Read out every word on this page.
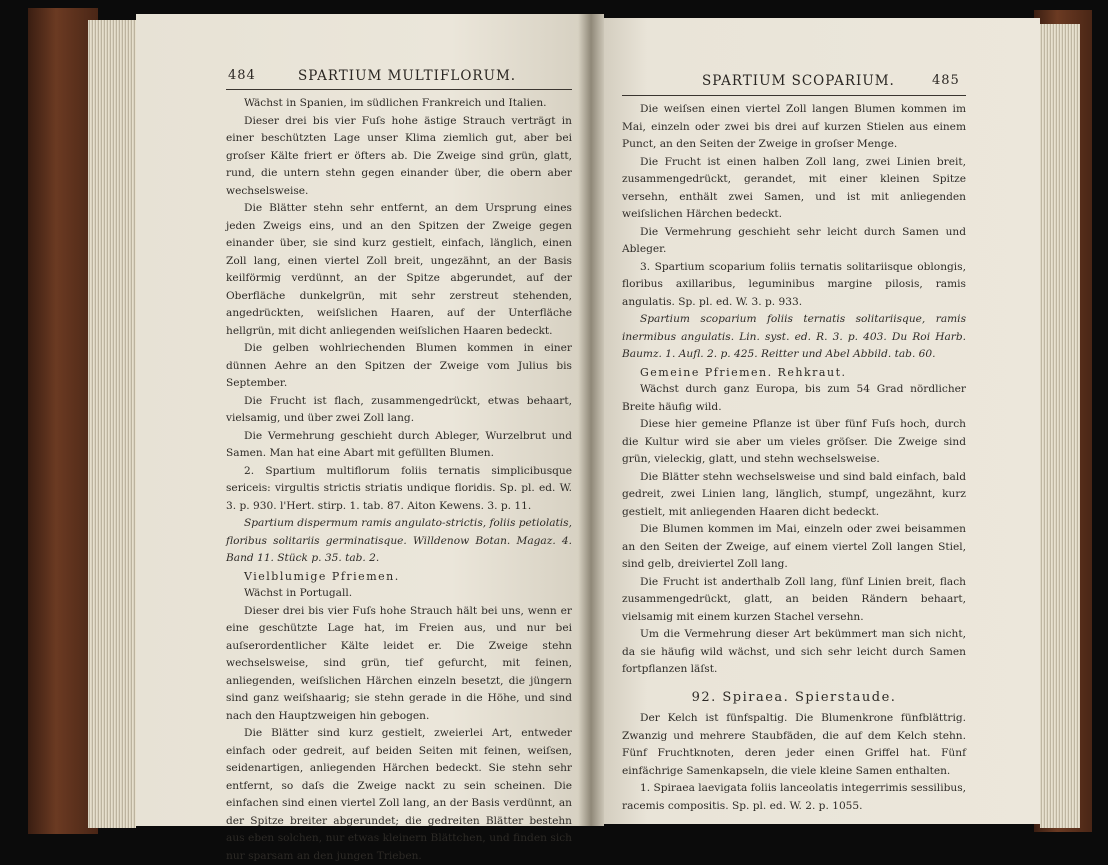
484	SPARTIUM MULTIFLORUM.

Wächst in Spanien, im südlichen Frankreich und Italien.

Dieser drei bis vier Fuſs hohe ästige Strauch verträgt in einer beschützten Lage unser Klima ziemlich gut, aber bei groſser Kälte friert er öfters ab. Die Zweige sind grün, glatt, rund, die untern stehn gegen einander über, die obern aber wechselsweise.

Die Blätter stehn sehr entfernt, an dem Ursprung eines jeden Zweigs eins, und an den Spitzen der Zweige gegen einander über, sie sind kurz gestielt, einfach, länglich, einen Zoll lang, einen viertel Zoll breit, ungezähnt, an der Basis keilförmig verdünnt, an der Spitze abgerundet, auf der Oberfläche dunkelgrün, mit sehr zerstreut stehenden, angedrückten, weiſslichen Haaren, auf der Unterfläche hellgrün, mit dicht anliegenden weiſslichen Haaren bedeckt.

Die gelben wohlriechenden Blumen kommen in einer dünnen Aehre an den Spitzen der Zweige vom Julius bis September.

Die Frucht ist flach, zusammengedrückt, etwas behaart, vielsamig, und über zwei Zoll lang.

Die Vermehrung geschieht durch Ableger, Wurzelbrut und Samen. Man hat eine Abart mit gefüllten Blumen.

2. Spartium multiflorum foliis ternatis simplicibusque sericeis: virgultis strictis striatis undique floridis. Sp. pl. ed. W. 3. p. 930. l'Hert. stirp. 1. tab. 87. Aiton Kewens. 3. p. 11.

Spartium dispermum ramis angulato-strictis, foliis petiolatis, floribus solitariis germinatisque. Willdenow Botan. Magaz. 4. Band 11. Stück p. 35. tab. 2.

Vielblumige Pfriemen.

Wächst in Portugall.

Dieser drei bis vier Fuſs hohe Strauch hält bei uns, wenn er eine geschützte Lage hat, im Freien aus, und nur bei auſserordentlicher Kälte leidet er. Die Zweige stehn wechselsweise, sind grün, tief gefurcht, mit feinen, anliegenden, weiſslichen Härchen einzeln besetzt, die jüngern sind ganz weiſshaarig; sie stehn gerade in die Höhe, und sind nach den Hauptzweigen hin gebogen.

Die Blätter sind kurz gestielt, zweierlei Art, entweder einfach oder gedreit, auf beiden Seiten mit feinen, weiſsen, seidenartigen, anliegenden Härchen bedeckt. Sie stehn sehr entfernt, so daſs die Zweige nackt zu sein scheinen. Die einfachen sind einen viertel Zoll lang, an der Basis verdünnt, an der Spitze breiter abgerundet; die gedreiten Blätter bestehn aus eben solchen, nur etwas kleinern Blättchen, und finden sich nur sparsam an den jungen Trieben.

SPARTIUM SCOPARIUM.	485

Die weiſsen einen viertel Zoll langen Blumen kommen im Mai, einzeln oder zwei bis drei auf kurzen Stielen aus einem Punct, an den Seiten der Zweige in groſser Menge.

Die Frucht ist einen halben Zoll lang, zwei Linien breit, zusammengedrückt, gerandet, mit einer kleinen Spitze versehn, enthält zwei Samen, und ist mit anliegenden weiſslichen Härchen bedeckt.

Die Vermehrung geschieht sehr leicht durch Samen und Ableger.

3. Spartium scoparium foliis ternatis solitariisque oblongis, floribus axillaribus, leguminibus margine pilosis, ramis angulatis. Sp. pl. ed. W. 3. p. 933.

Spartium scoparium foliis ternatis solitariisque, ramis inermibus angulatis. Lin. syst. ed. R. 3. p. 403. Du Roi Harb. Baumz. 1. Aufl. 2. p. 425. Reitter und Abel Abbild. tab. 60.

Gemeine Pfriemen. Rehkraut.

Wächst durch ganz Europa, bis zum 54 Grad nördlicher Breite häufig wild.

Diese hier gemeine Pflanze ist über fünf Fuſs hoch, durch die Kultur wird sie aber um vieles gröſser. Die Zweige sind grün, vieleckig, glatt, und stehn wechselsweise.

Die Blätter stehn wechselsweise und sind bald einfach, bald gedreit, zwei Linien lang, länglich, stumpf, ungezähnt, kurz gestielt, mit anliegenden Haaren dicht bedeckt.

Die Blumen kommen im Mai, einzeln oder zwei beisammen an den Seiten der Zweige, auf einem viertel Zoll langen Stiel, sind gelb, dreiviertel Zoll lang.

Die Frucht ist anderthalb Zoll lang, fünf Linien breit, flach zusammengedrückt, glatt, an beiden Rändern behaart, vielsamig mit einem kurzen Stachel versehn.

Um die Vermehrung dieser Art bekümmert man sich nicht, da sie häufig wild wächst, und sich sehr leicht durch Samen fortpflanzen läſst.

92. Spiraea. Spierstaude.

Der Kelch ist fünfspaltig. Die Blumenkrone fünfblättrig. Zwanzig und mehrere Staubfäden, die auf dem Kelch stehn. Fünf Fruchtknoten, deren jeder einen Griffel hat. Fünf einfächrige Samenkapseln, die viele kleine Samen enthalten.

1. Spiraea laevigata foliis lanceolatis integerrimis sessilibus, racemis compositis. Sp. pl. ed. W. 2. p. 1055.
